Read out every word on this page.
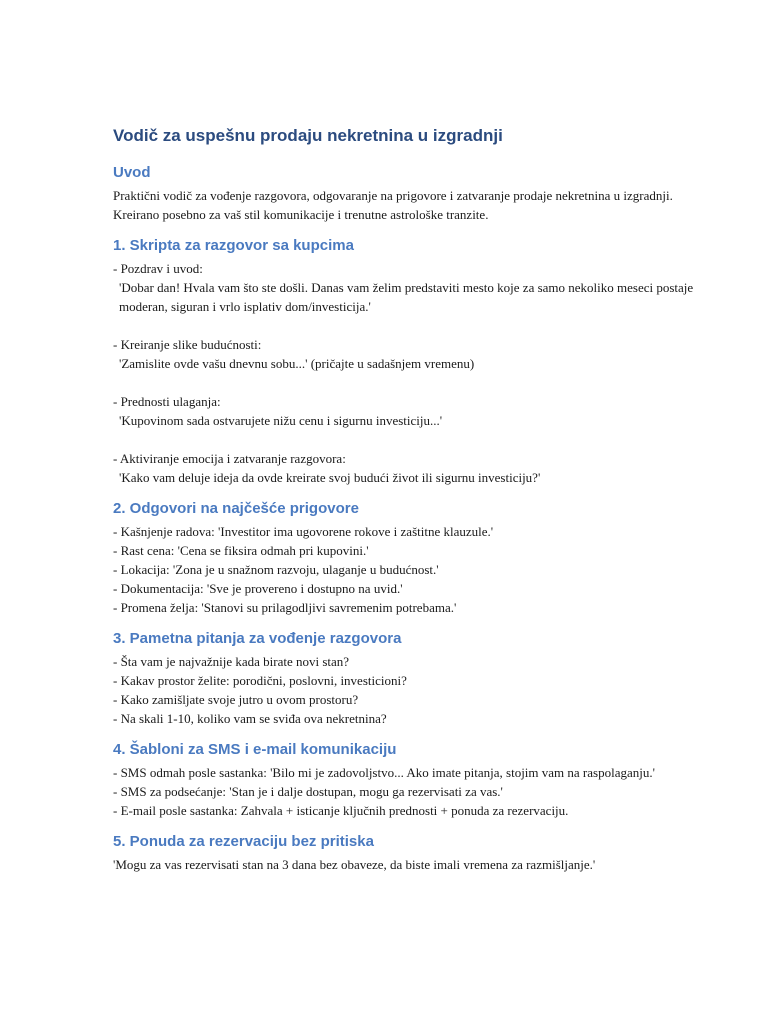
Vodič za uspešnu prodaju nekretnina u izgradnji
Uvod

Praktični vodič za vođenje razgovora, odgovaranje na prigovore i zatvaranje prodaje nekretnina u izgradnji. Kreirano posebno za vaš stil komunikacije i trenutne astrološke tranzite.

1. Skripta za razgovor sa kupcima

- Pozdrav i uvod:

'Dobar dan! Hvala vam što ste došli. Danas vam želim predstaviti mesto koje za samo nekoliko meseci postaje moderan, siguran i vrlo isplativ dom/investicija.'

- Kreiranje slike budućnosti:

'Zamislite ovde vašu dnevnu sobu...' (pričajte u sadašnjem vremenu)

- Prednosti ulaganja:

'Kupovinom sada ostvarujete nižu cenu i sigurnu investiciju...'

- Aktiviranje emocija i zatvaranje razgovora:

'Kako vam deluje ideja da ovde kreirate svoj budući život ili sigurnu investiciju?'

2. Odgovori na najčešće prigovore

- Kašnjenje radova: 'Investitor ima ugovorene rokove i zaštitne klauzule.'

- Rast cena: 'Cena se fiksira odmah pri kupovini.'

- Lokacija: 'Zona je u snažnom razvoju, ulaganje u budućnost.'

- Dokumentacija: 'Sve je provereno i dostupno na uvid.'

- Promena želja: 'Stanovi su prilagodljivi savremenim potrebama.'

3. Pametna pitanja za vođenje razgovora

- Šta vam je najvažnije kada birate novi stan?

- Kakav prostor želite: porodični, poslovni, investicioni?

- Kako zamišljate svoje jutro u ovom prostoru?

- Na skali 1-10, koliko vam se sviđa ova nekretnina?

4. Šabloni za SMS i e-mail komunikaciju

- SMS odmah posle sastanka: 'Bilo mi je zadovoljstvo... Ako imate pitanja, stojim vam na raspolaganju.'

- SMS za podsećanje: 'Stan je i dalje dostupan, mogu ga rezervisati za vas.'

- E-mail posle sastanka: Zahvala + isticanje ključnih prednosti + ponuda za rezervaciju.

5. Ponuda za rezervaciju bez pritiska

'Mogu za vas rezervisati stan na 3 dana bez obaveze, da biste imali vremena za razmišljanje.'
